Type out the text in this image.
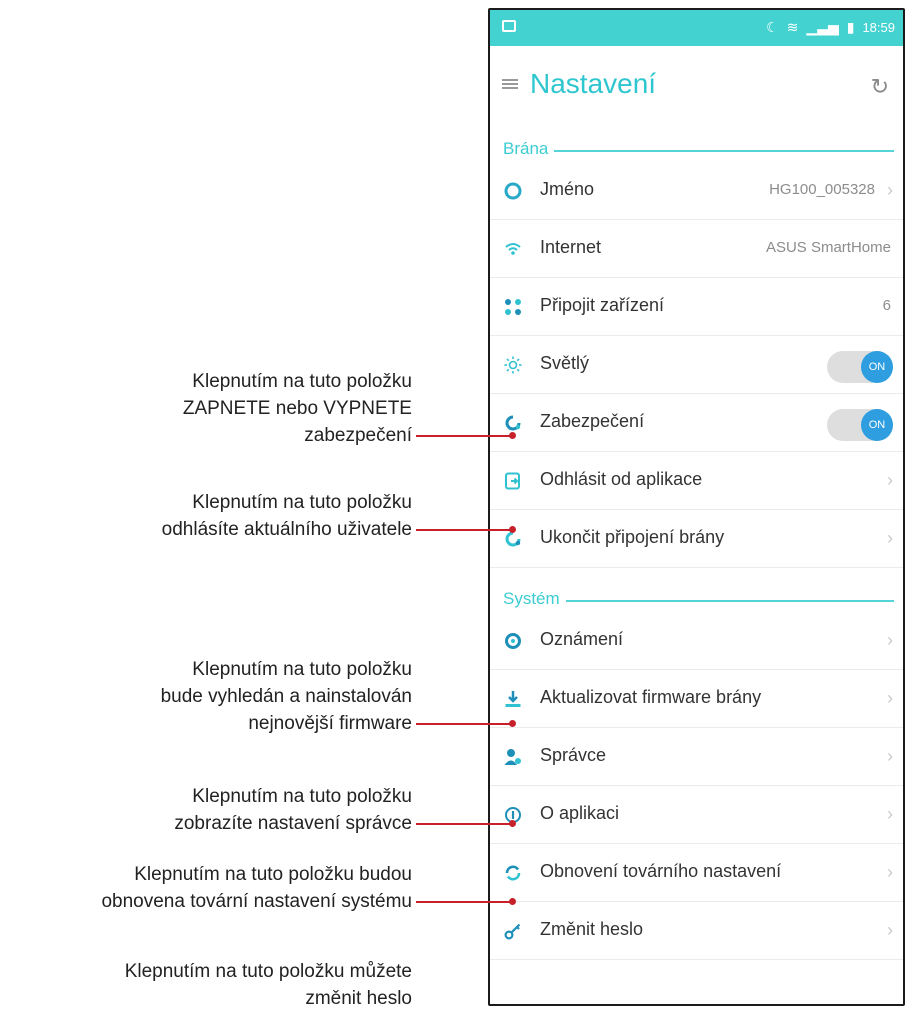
☾ ≋ ▁▃▅ ▮ 18:59
Nastavení	↻
Brána
Jméno	HG100_005328 ›
Internet	ASUS SmartHome
Připojit zařízení	6
Světlý	ON
Zabezpečení	ON
Odhlásit od aplikace	›
Ukončit připojení brány	›
Systém
Oznámení	›
Aktualizovat firmware brány	›
Správce	›
O aplikaci	›
Obnovení továrního nastavení	›
Změnit heslo	›
Klepnutím na tuto položku
ZAPNETE nebo VYPNETE
zabezpečení
Klepnutím na tuto položku
odhlásíte aktuálního uživatele
Klepnutím na tuto položku
bude vyhledán a nainstalován
nejnovější firmware
Klepnutím na tuto položku
zobrazíte nastavení správce
Klepnutím na tuto položku budou
obnovena tovární nastavení systému
Klepnutím na tuto položku můžete
změnit heslo
